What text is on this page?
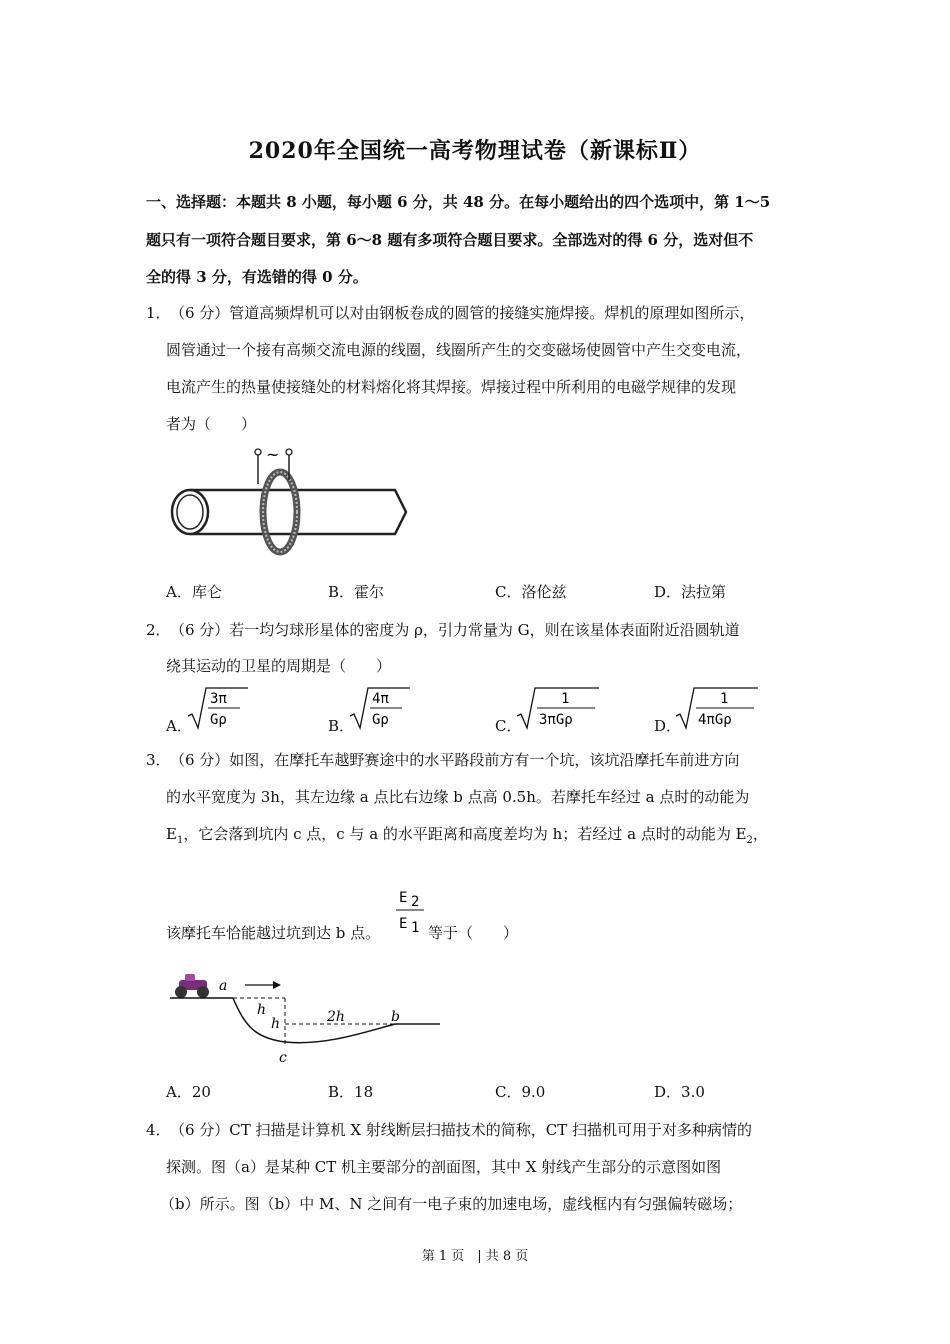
2020年全国统一高考物理试卷（新课标Ⅱ）
一、选择题：本题共 8 小题，每小题 6 分，共 48 分。在每小题给出的四个选项中，第 1～5
题只有一项符合题目要求，第 6～8 题有多项符合题目要求。全部选对的得 6 分，选对但不
全的得 3 分，有选错的得 0 分。
1． （6 分）管道高频焊机可以对由钢板卷成的圆管的接缝实施焊接。焊机的原理如图所示，
圆管通过一个接有高频交流电源的线圈，线圈所产生的交变磁场使圆管中产生交变电流，
电流产生的热量使接缝处的材料熔化将其焊接。焊接过程中所利用的电磁学规律的发现
者为（　　）
~
A．库仑	B．霍尔	C．洛伦兹	D．法拉第
2． （6 分）若一均匀球形星体的密度为 ρ，引力常量为 G，则在该星体表面附近沿圆轨道
绕其运动的卫星的周期是（　　）
A．
3π
Gρ	B．
4π
Gρ	C．
1
3πGρ	D．
1
4πGρ
3． （6 分）如图，在摩托车越野赛途中的水平路段前方有一个坑，该坑沿摩托车前进方向
的水平宽度为 3h，其左边缘 a 点比右边缘 b 点高 0.5h。若摩托车经过 a 点时的动能为
$E_1$，它会落到坑内 c 点，c 与 a 的水平距离和高度差均为 h；若经过 a 点时的动能为 $E_2$，
该摩托车恰能越过坑到达 b 点。
E 2
E 1 等于（　　）
a
h
h	2h	b
c
A．20	B．18	C．9.0	D．3.0
4． （6 分）CT 扫描是计算机 X 射线断层扫描技术的简称，CT 扫描机可用于对多种病情的
探测。图（a）是某种 CT 机主要部分的剖面图，其中 X 射线产生部分的示意图如图
（b）所示。图（b）中 M、N 之间有一电子束的加速电场，虚线框内有匀强偏转磁场；
第 1 页　| 共 8 页
